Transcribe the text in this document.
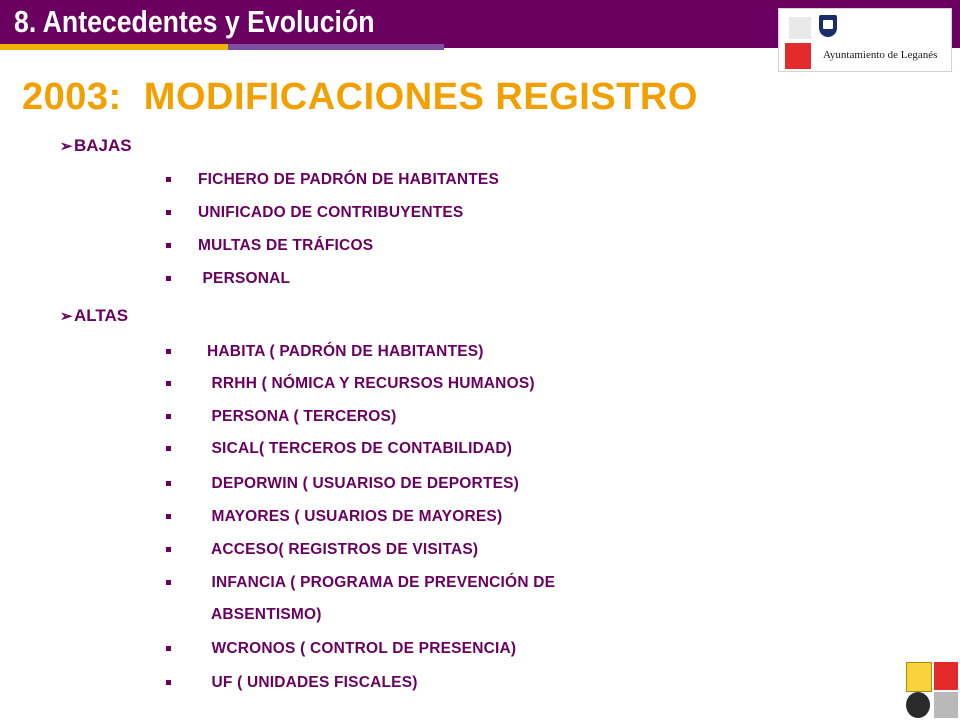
8. Antecedentes y Evolución
Ayuntamiento de Leganés
2003:  MODIFICACIONES REGISTRO
➢BAJAS

FICHERO DE PADRÓN DE HABITANTES

UNIFICADO DE CONTRIBUYENTES

MULTAS DE TRÁFICOS

PERSONAL

➢ALTAS

HABITA ( PADRÓN DE HABITANTES)

RRHH ( NÓMICA Y RECURSOS HUMANOS)

PERSONA ( TERCEROS)

SICAL( TERCEROS DE CONTABILIDAD)

DEPORWIN ( USUARISO DE DEPORTES)

MAYORES ( USUARIOS DE MAYORES)

ACCESO( REGISTROS DE VISITAS)

INFANCIA ( PROGRAMA DE PREVENCIÓN DE

ABSENTISMO)

WCRONOS ( CONTROL DE PRESENCIA)

UF ( UNIDADES FISCALES)
